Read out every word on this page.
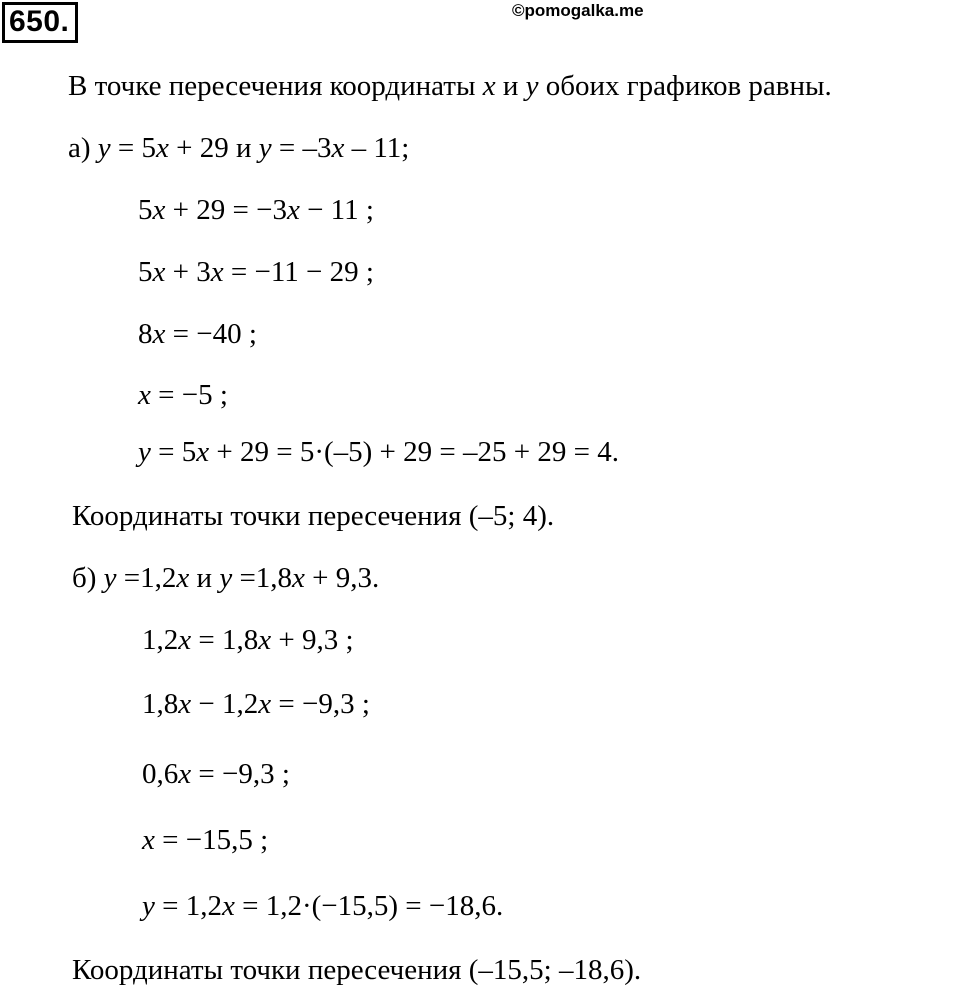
650.	©pomogalka.me
В точке пересечения координаты x и y обоих графиков равны.
а) y = 5x + 29 и y = –3x – 11;
5x + 29 = −3x − 11 ;
5x + 3x = −11 − 29 ;
8x = −40 ;
x = −5 ;
y = 5x + 29 = 5·(–5) + 29 = –25 + 29 = 4.
Координаты точки пересечения (–5; 4).
б) y =1,2x и y =1,8x + 9,3.
1,2x = 1,8x + 9,3 ;
1,8x − 1,2x = −9,3 ;
0,6x = −9,3 ;
x = −15,5 ;
y = 1,2x = 1,2·(−15,5) = −18,6.
Координаты точки пересечения (–15,5; –18,6).
